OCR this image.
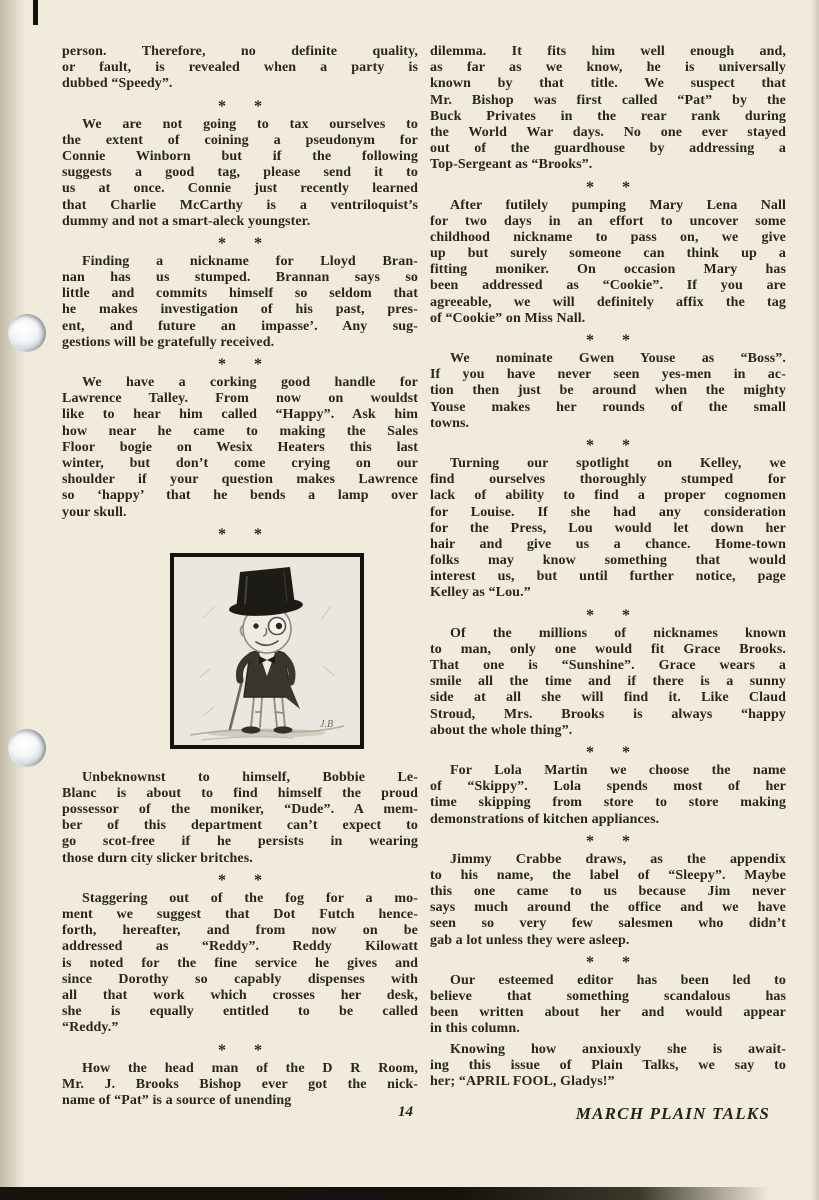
person. Therefore, no definite quality,
or fault, is revealed when a party is
dubbed “Speedy”.
* *
We are not going to tax ourselves to
the extent of coining a pseudonym for
Connie Winborn but if the following
suggests a good tag, please send it to
us at once. Connie just recently learned
that Charlie McCarthy is a ventriloquist’s
dummy and not a smart-aleck youngster.
* *
Finding a nickname for Lloyd Bran-
nan has us stumped. Brannan says so
little and commits himself so seldom that
he makes investigation of his past, pres-
ent, and future an impasse’. Any sug-
gestions will be gratefully received.
* *
We have a corking good handle for
Lawrence Talley. From now on wouldst
like to hear him called “Happy”. Ask him
how near he came to making the Sales
Floor bogie on Wesix Heaters this last
winter, but don’t come crying on our
shoulder if your question makes Lawrence
so ‘happy’ that he bends a lamp over
your skull.
* *
Unbeknownst to himself, Bobbie Le-
Blanc is about to find himself the proud
possessor of the moniker, “Dude”. A mem-
ber of this department can’t expect to
go scot-free if he persists in wearing
those durn city slicker britches.
* *
Staggering out of the fog for a mo-
ment we suggest that Dot Futch hence-
forth, hereafter, and from now on be
addressed as “Reddy”. Reddy Kilowatt
is noted for the fine service he gives and
since Dorothy so capably dispenses with
all that work which crosses her desk,
she is equally entitled to be called
“Reddy.”
* *
How the head man of the D R Room,
Mr. J. Brooks Bishop ever got the nick-
name of “Pat” is a source of unending
dilemma. It fits him well enough and,
as far as we know, he is universally
known by that title. We suspect that
Mr. Bishop was first called “Pat” by the
Buck Privates in the rear rank during
the World War days. No one ever stayed
out of the guardhouse by addressing a
Top-Sergeant as “Brooks”.
* *
After futilely pumping Mary Lena Nall
for two days in an effort to uncover some
childhood nickname to pass on, we give
up but surely someone can think up a
fitting moniker. On occasion Mary has
been addressed as “Cookie”. If you are
agreeable, we will definitely affix the tag
of “Cookie” on Miss Nall.
* *
We nominate Gwen Youse as “Boss”.
If you have never seen yes-men in ac-
tion then just be around when the mighty
Youse makes her rounds of the small
towns.
* *
Turning our spotlight on Kelley, we
find ourselves thoroughly stumped for
lack of ability to find a proper cognomen
for Louise. If she had any consideration
for the Press, Lou would let down her
hair and give us a chance. Home-town
folks may know something that would
interest us, but until further notice, page
Kelley as “Lou.”
* *
Of the millions of nicknames known
to man, only one would fit Grace Brooks.
That one is “Sunshine”. Grace wears a
smile all the time and if there is a sunny
side at all she will find it. Like Claud
Stroud, Mrs. Brooks is always “happy
about the whole thing”.
* *
For Lola Martin we choose the name
of “Skippy”. Lola spends most of her
time skipping from store to store making
demonstrations of kitchen appliances.
* *
Jimmy Crabbe draws, as the appendix
to his name, the label of “Sleepy”. Maybe
this one came to us because Jim never
says much around the office and we have
seen so very few salesmen who didn’t
gab a lot unless they were asleep.
* *
Our esteemed editor has been led to
believe that something scandalous has
been written about her and would appear
in this column.
Knowing how anxiouxly she is await-
ing this issue of Plain Talks, we say to
her; “APRIL FOOL, Gladys!”
J.B
14	MARCH PLAIN TALKS
